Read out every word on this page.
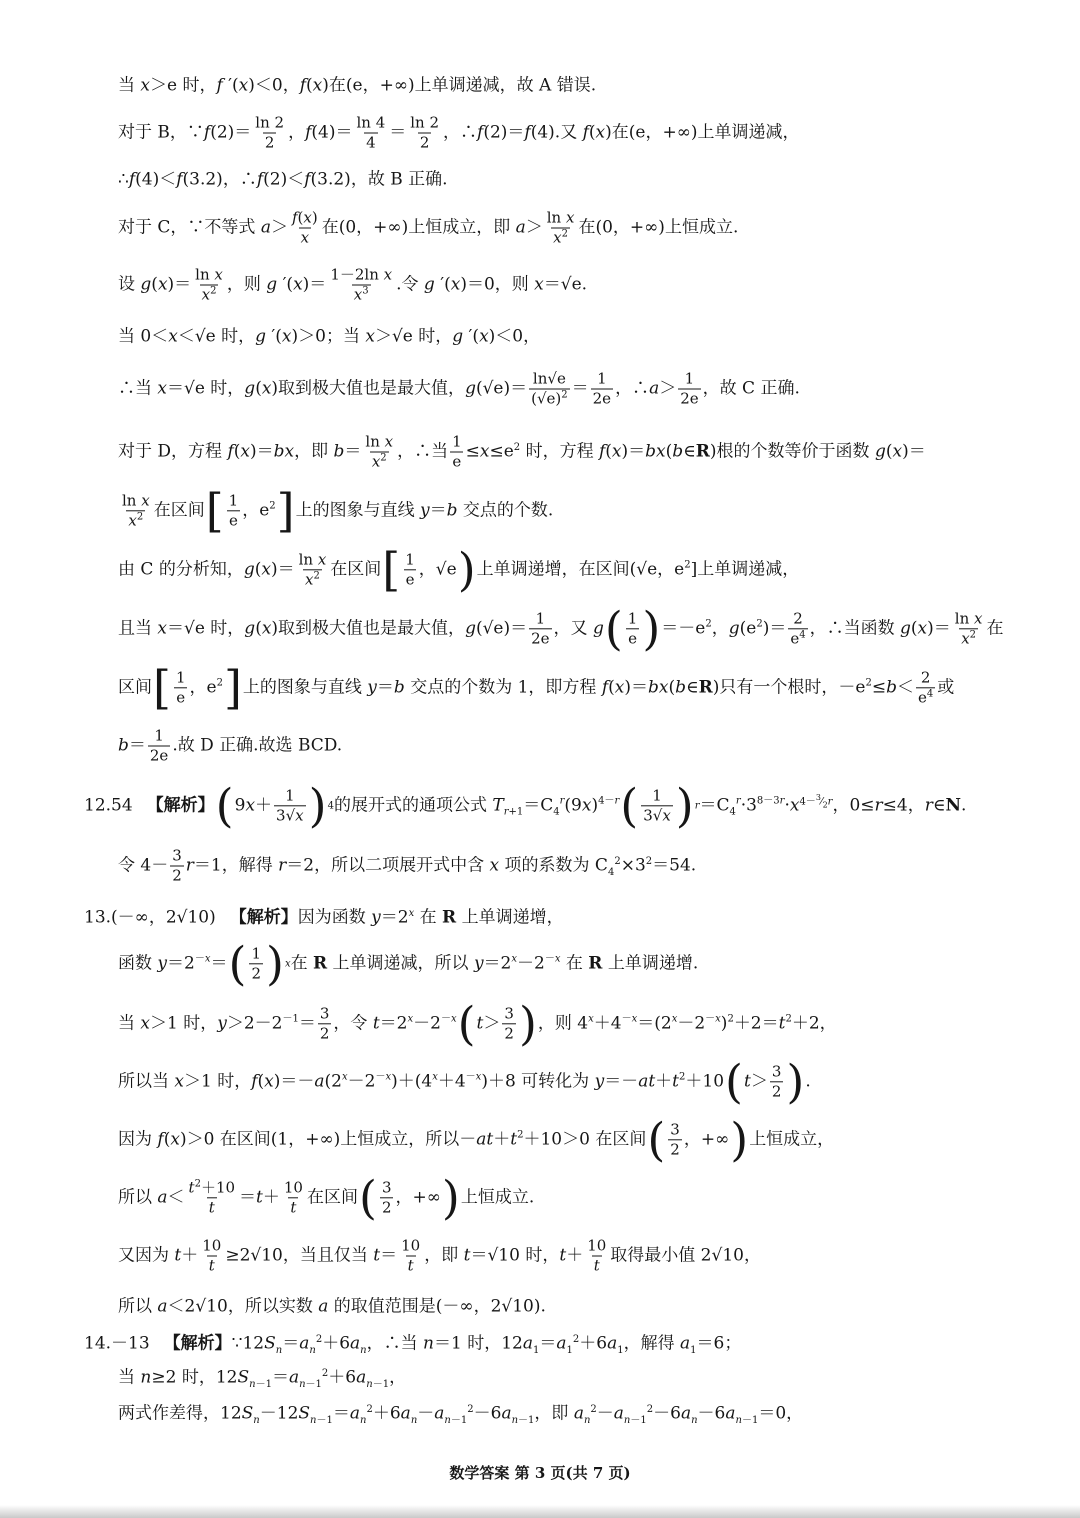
当 x＞e 时，f ′(x)＜0，f(x)在(e，+∞)上单调递减，故 A 错误.
对于 B，∵f(2)＝ $\frac{\ln 2}{2}$ ，$f(4)= \frac{\ln 4}{4} = \frac{\ln 2}{2}$ ，∴f(2)＝f(4).又 f(x)在(e，+∞)上单调递减，
∴f(4)＜f(3.2)，∴f(2)＜f(3.2)，故 B 正确.
对于 C，∵不等式 $a> \frac{f(x)}{x}$ 在(0，+∞)上恒成立，即 $a> \frac{\text{ln x}}{x^2}$ 在(0，+∞)上恒成立.
设 $g(x)= \frac{\text{ln x}}{x^2}$ ，则 g $'(x)= \frac{\text{1－2ln x}}{x^3}$ .令 g ′(x)＝0，则 x＝√e.
当 0＜x＜√e 时，g ′(x)＞0；当 x＞√e 时，g ′(x)＜0，
∴当 x＝√e 时，g(x)取到极大值也是最大值，$g(√e)= \frac{\ln√e}{(√e)^2} = \frac{1}{2e}$ ，∴a＞ $\frac{1}{2e}$ ，故 C 正确.
对于 D，方程 f(x)＝bx，即 $b= \frac{\text{ln x}}{x^2}$ ，∴当 $\frac{1}{e} \le x\le e^2$ 时，方程 f(x)＝bx(b∈R)根的个数等价于函数 g(x)＝
$\frac{\text{ln x}}{x^2}$ 在区间 [ $\frac{1}{e}$ ，$e^2$ ] 上的图象与直线 y＝b 交点的个数.
由 C 的分析知，$g(x)= \frac{\text{ln x}}{x^2}$ 在区间 [ $\frac{1}{e}$ ，√e ) 上单调递增，在区间(√e，$e^2$]上单调递减，
且当 x＝√e 时，g(x)取到极大值也是最大值，$g(√e)= \frac{1}{2e}$ ，又 g ( $\frac{1}{e}$ ) $=-e^2$，$g(e^2)= \frac{2}{e^4}$ ，∴当函数 $g(x)= \frac{\text{ln x}}{x^2}$ 在
区间 [ $\frac{1}{e}$ ，$e^2$ ] 上的图象与直线 y＝b 交点的个数为 1，即方程 f(x)＝bx(b∈R)只有一个根时，$-e^2\le b< \frac{2}{e^4}$ 或
$b= \frac{1}{2e}$ .故 D 正确.故选 BCD.
12.54 【解析】 ( $9x+ \frac{1}{3√x}$ ) 4 的展开式的通项公式 $T_{r+1}=C_4^r(9x)^{4-r}$ ( $\frac{1}{3√x}$ ) $r =C_4^r\cdot 3^{8-3r}\cdot x^{4-^3⁄_2r}$，0≤r≤4，r∈N.
令 $4- \frac{3}{2} r=1$，解得 r＝2，所以二项展开式中含 x 项的系数为 $C_4^2\times 3^2=54$.
13.(－∞，2√10) 【解析】 因为函数 $y=2^x$ 在 R 上单调递增，
函数 $y=2^{-x}=$ ( $\frac{1}{2}$ ) x 在 R 上单调递减，所以 $y=2^x-2^{-x}$ 在 R 上单调递增.
当 x＞1 时，$y>2-2^{-1}= \frac{3}{2}$ ，令 $t=2^x-2^{-x}$ ( $t> \frac{3}{2}$ ) ，则 $4^x+4^{-x}=(2^x-2^{-x})^2+2=t^2+2$，
所以当 x＞1 时，$f(x)=-a(2^x-2^{-x})+(4^x+4^{-x})+8$ 可转化为 $y=-at+t^2+10$ ( $t> \frac{3}{2}$ ) .
因为 f(x)＞0 在区间(1，+∞)上恒成立，所以$-at+t^2+10>0$ 在区间 ( $\frac{3}{2}$ ，+∞ ) 上恒成立，
所以 $a< \frac{t^2+10}{t} =t+ \frac{10}{t}$ 在区间 ( $\frac{3}{2}$ ，+∞ ) 上恒成立.
又因为 $t+ \frac{10}{t} \ge 2√10$，当且仅当 $t= \frac{10}{t}$ ，即 t＝√10 时，$t+ \frac{10}{t}$ 取得最小值 2√10，
所以 a＜2√10，所以实数 a 的取值范围是(－∞，2√10).
14.－13 【解析】 $\because 12S_n=a_n^2+6a_n$，∴当 n＝1 时，$12a_1=a_1^2+6a_1$，解得 $a_1=6$；
当 n≥2 时，$12S_{n-1}=a_{n-1}^2+6a_{n-1}$，
两式作差得，$12S_n-12S_{n-1}=a_n^2+6a_n-a_{n-1}^2-6a_{n-1}$，即 $a_n^2-a_{n-1}^2-6a_n-6a_{n-1}=0$，
数学答案 第 3 页(共 7 页)
